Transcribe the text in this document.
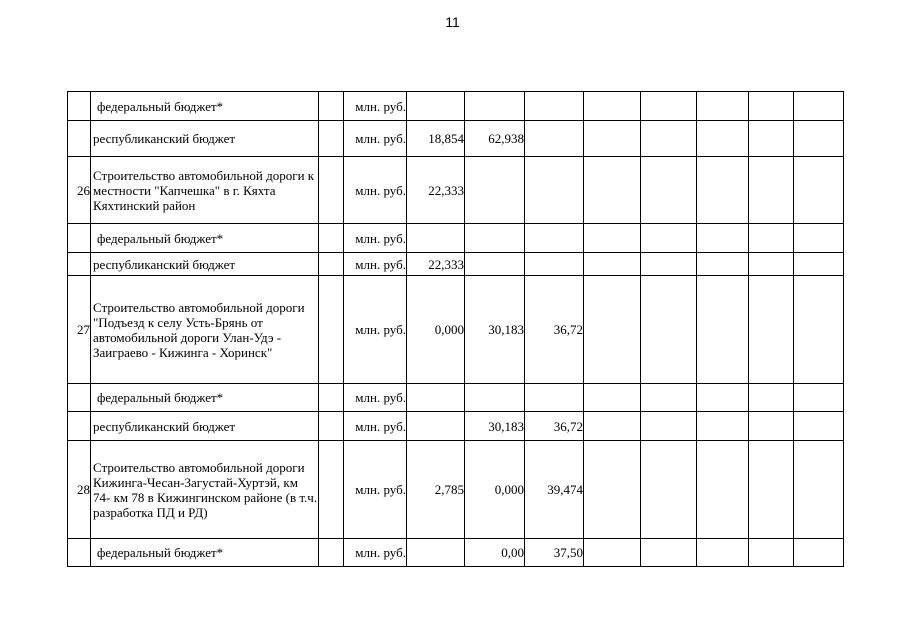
11
	федеральный бюджет*		млн. руб.								
	республиканский бюджет		млн. руб.	18,854	62,938						
26	Строительство автомобильной дороги к местности "Капчешка" в г. Кяхта Кяхтинский район		млн. руб.	22,333							
	федеральный бюджет*		млн. руб.								
	республиканский бюджет		млн. руб.	22,333							
27	Строительство автомобильной дороги "Подъезд к селу Усть-Брянь от автомобильной дороги Улан-Удэ - Заиграево - Кижинга - Хоринск"		млн. руб.	0,000	30,183	36,72					
	федеральный бюджет*		млн. руб.								
	республиканский бюджет		млн. руб.		30,183	36,72					
28	Строительство автомобильной дороги Кижинга-Чесан-Загустай-Хуртэй, км 74- км 78 в Кижингинском районе (в т.ч. разработка ПД и РД)		млн. руб.	2,785	0,000	39,474					
	федеральный бюджет*		млн. руб.		0,00	37,50					
